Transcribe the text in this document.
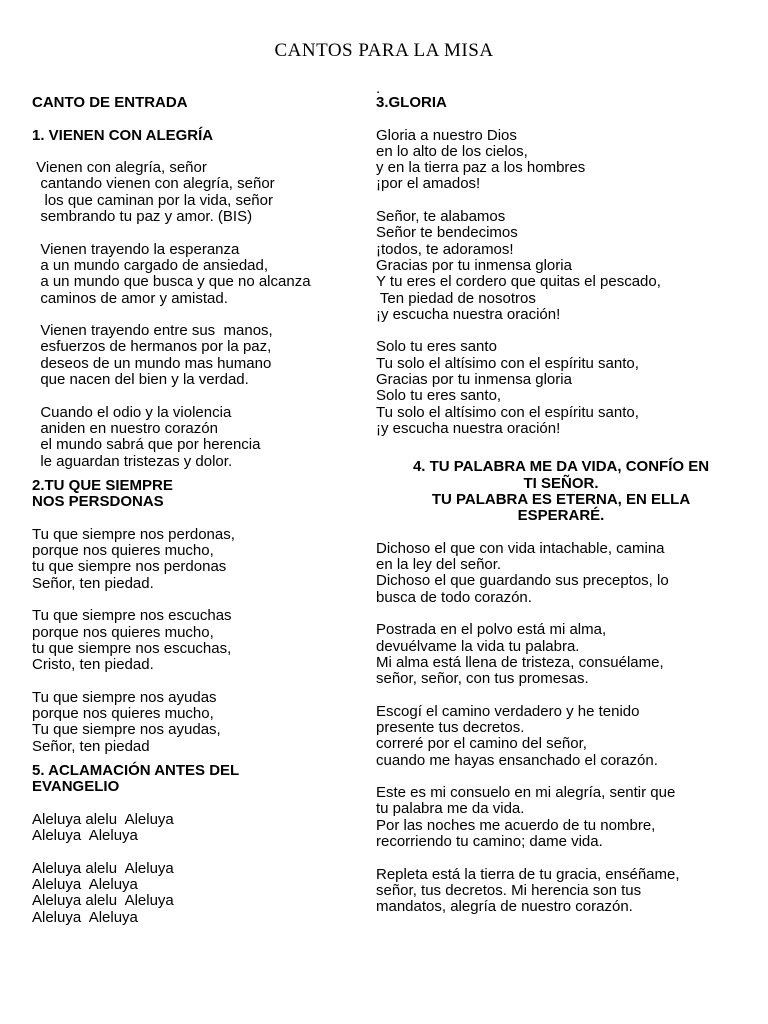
CANTOS PARA LA MISA

CANTO DE ENTRADA

1. VIENEN CON ALEGRÍA

Vienen con alegría, señor

cantando vienen con alegría, señor

los que caminan por la vida, señor

sembrando tu paz y amor. (BIS)

Vienen trayendo la esperanza

a un mundo cargado de ansiedad,

a un mundo que busca y que no alcanza

caminos de amor y amistad.

Vienen trayendo entre sus  manos,

esfuerzos de hermanos por la paz,

deseos de un mundo mas humano

que nacen del bien y la verdad.

Cuando el odio y la violencia

aniden en nuestro corazón

el mundo sabrá que por herencia

le aguardan tristezas y dolor.

2.TU QUE SIEMPRE

NOS PERSDONAS

Tu que siempre nos perdonas,

porque nos quieres mucho,

tu que siempre nos perdonas

Señor, ten piedad.

Tu que siempre nos escuchas

porque nos quieres mucho,

tu que siempre nos escuchas,

Cristo, ten piedad.

Tu que siempre nos ayudas

porque nos quieres mucho,

Tu que siempre nos ayudas,

Señor, ten piedad

5. ACLAMACIÓN ANTES DEL

EVANGELIO

Aleluya alelu  Aleluya

Aleluya  Aleluya

Aleluya alelu  Aleluya

Aleluya  Aleluya

Aleluya alelu  Aleluya

Aleluya  Aleluya

.

3.GLORIA

Gloria a nuestro Dios

en lo alto de los cielos,

y en la tierra paz a los hombres

¡por el amados!

Señor, te alabamos

Señor te bendecimos

¡todos, te adoramos!

Gracias por tu inmensa gloria

Y tu eres el cordero que quitas el pescado,

Ten piedad de nosotros

¡y escucha nuestra oración!

Solo tu eres santo

Tu solo el altísimo con el espíritu santo,

Gracias por tu inmensa gloria

Solo tu eres santo,

Tu solo el altísimo con el espíritu santo,

¡y escucha nuestra oración!

4. TU PALABRA ME DA VIDA, CONFÍO EN

TI SEÑOR.

TU PALABRA ES ETERNA, EN ELLA

ESPERARÉ.

Dichoso el que con vida intachable, camina

en la ley del señor.

Dichoso el que guardando sus preceptos, lo

busca de todo corazón.

Postrada en el polvo está mi alma,

devuélvame la vida tu palabra.

Mi alma está llena de tristeza, consuélame,

señor, señor, con tus promesas.

Escogí el camino verdadero y he tenido

presente tus decretos.

correré por el camino del señor,

cuando me hayas ensanchado el corazón.

Este es mi consuelo en mi alegría, sentir que

tu palabra me da vida.

Por las noches me acuerdo de tu nombre,

recorriendo tu camino; dame vida.

Repleta está la tierra de tu gracia, enséñame,

señor, tus decretos. Mi herencia son tus

mandatos, alegría de nuestro corazón.
